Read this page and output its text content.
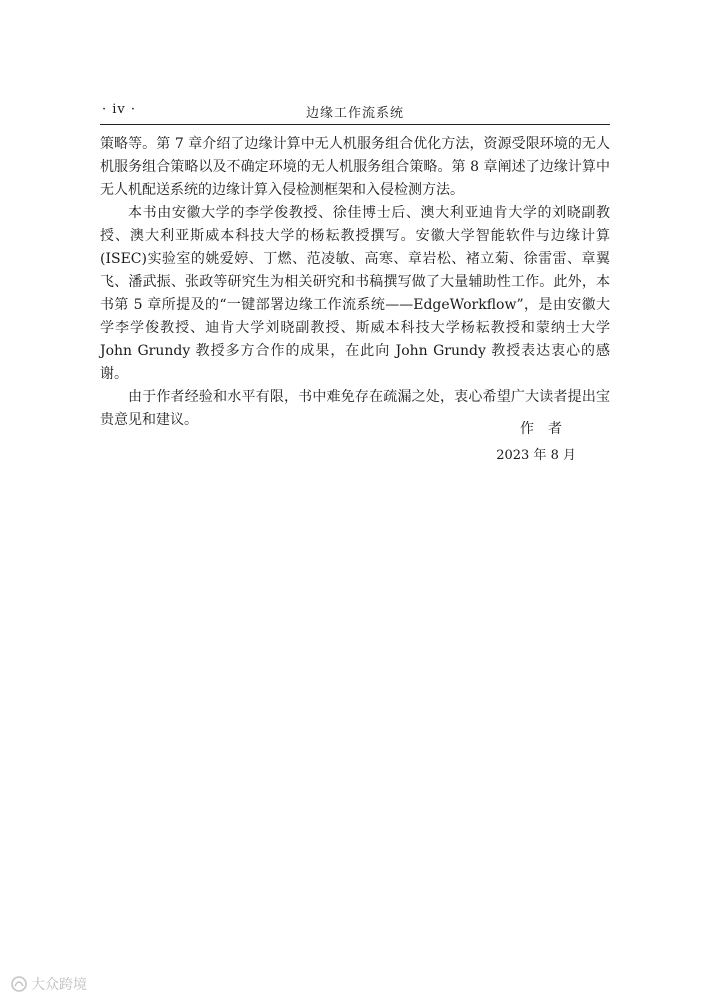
· iv ·	边缘工作流系统

策略等。第 7 章介绍了边缘计算中无人机服务组合优化方法，资源受限环境的无人机服务组合策略以及不确定环境的无人机服务组合策略。第 8 章阐述了边缘计算中无人机配送系统的边缘计算入侵检测框架和入侵检测方法。

本书由安徽大学的李学俊教授、徐佳博士后、澳大利亚迪肯大学的刘晓副教授、澳大利亚斯威本科技大学的杨耘教授撰写。安徽大学智能软件与边缘计算(ISEC)实验室的姚爱婷、丁燃、范凌敏、高寒、章岩松、褚立菊、徐雷雷、章翼飞、潘武振、张政等研究生为相关研究和书稿撰写做了大量辅助性工作。此外，本书第 5 章所提及的“一键部署边缘工作流系统——EdgeWorkflow”，是由安徽大学李学俊教授、迪肯大学刘晓副教授、斯威本科技大学杨耘教授和蒙纳士大学 John Grundy 教授多方合作的成果，在此向 John Grundy 教授表达衷心的感谢。

由于作者经验和水平有限，书中难免存在疏漏之处，衷心希望广大读者提出宝贵意见和建议。

作者
2023 年 8 月
大众跨境
